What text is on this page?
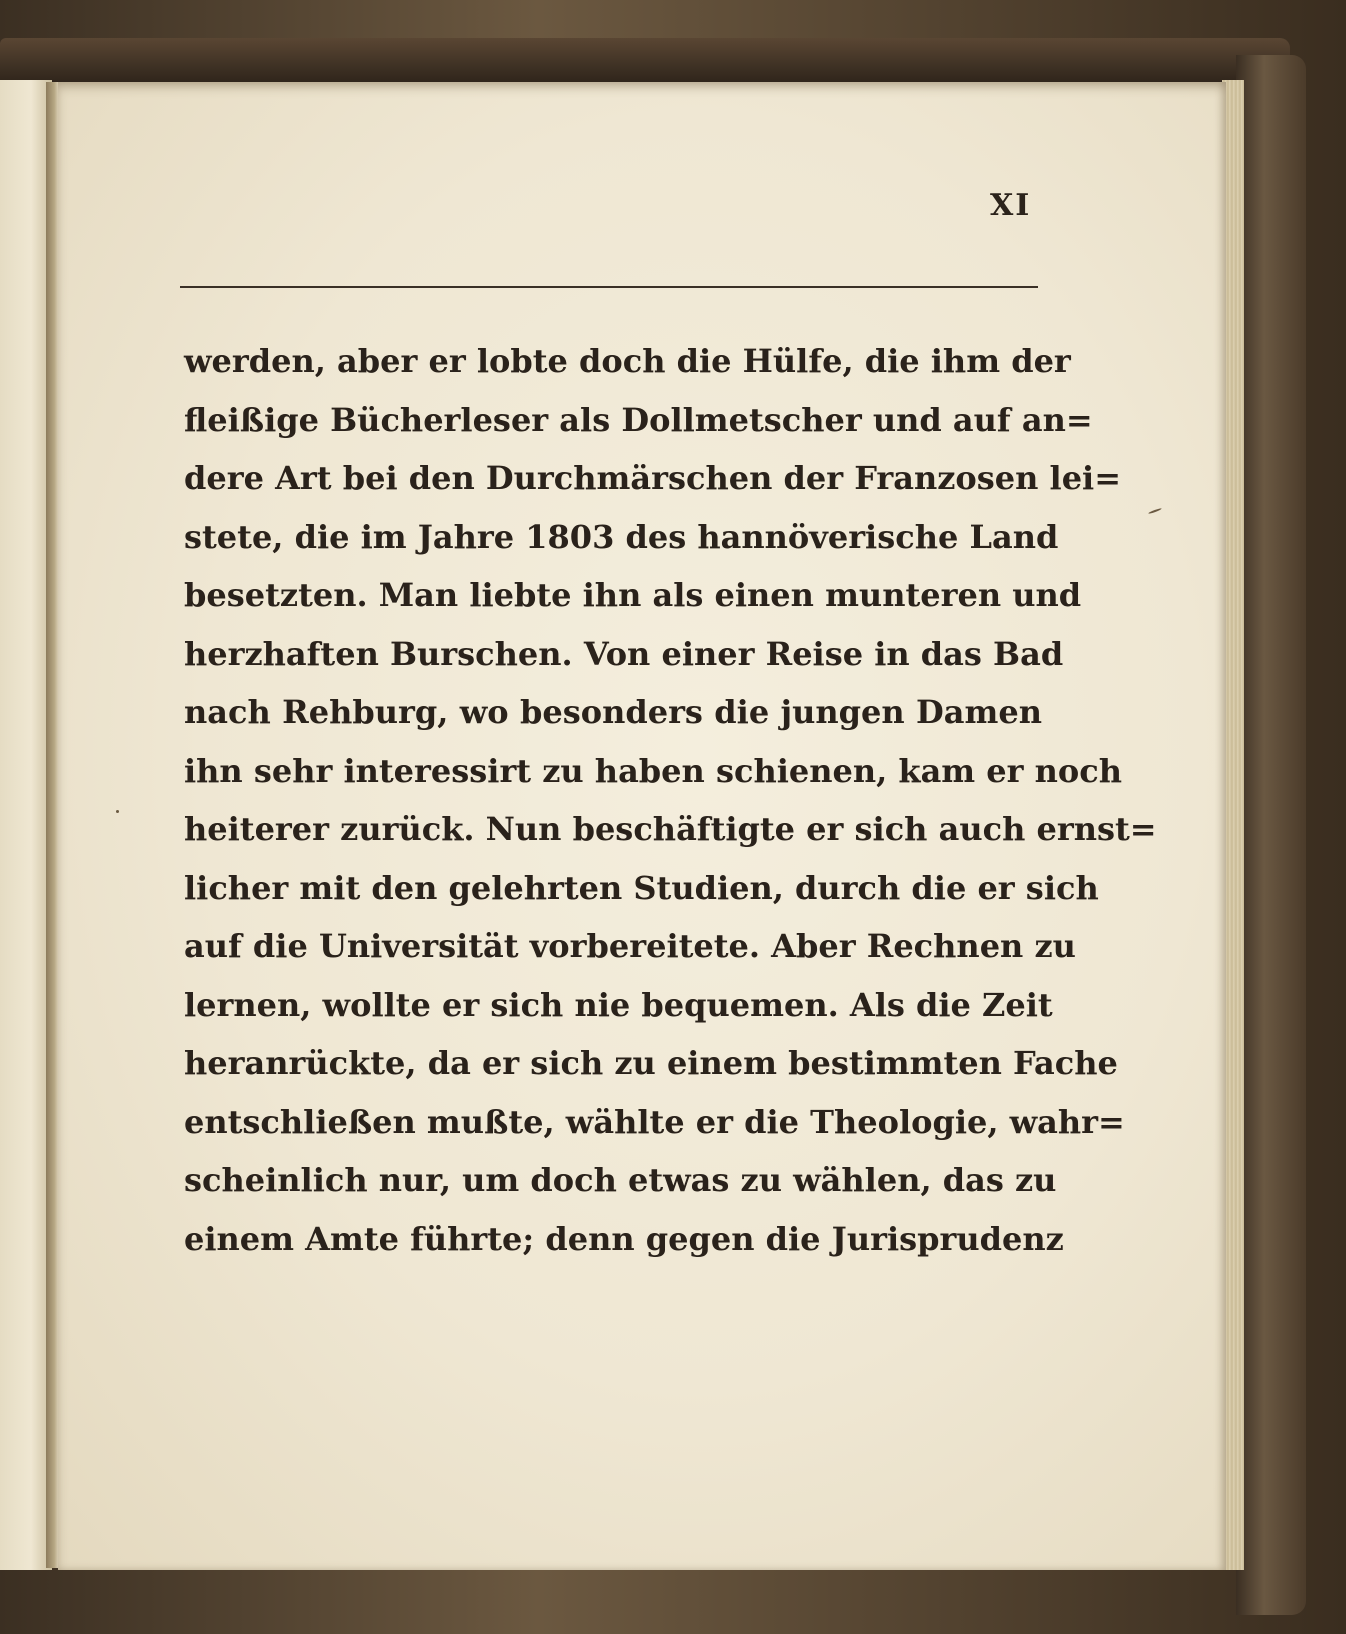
XI
werden, aber er lobte doch die Hülfe, die ihm der
fleißige Bücherleser als Dollmetscher und auf an=
dere Art bei den Durchmärschen der Franzosen lei=
stete, die im Jahre 1803 des hannöverische Land
besetzten. Man liebte ihn als einen munteren und
herzhaften Burschen. Von einer Reise in das Bad
nach Rehburg, wo besonders die jungen Damen
ihn sehr interessirt zu haben schienen, kam er noch
heiterer zurück. Nun beschäftigte er sich auch ernst=
licher mit den gelehrten Studien, durch die er sich
auf die Universität vorbereitete. Aber Rechnen zu
lernen, wollte er sich nie bequemen. Als die Zeit
heranrückte, da er sich zu einem bestimmten Fache
entschließen mußte, wählte er die Theologie, wahr=
scheinlich nur, um doch etwas zu wählen, das zu
einem Amte führte; denn gegen die Jurisprudenz
